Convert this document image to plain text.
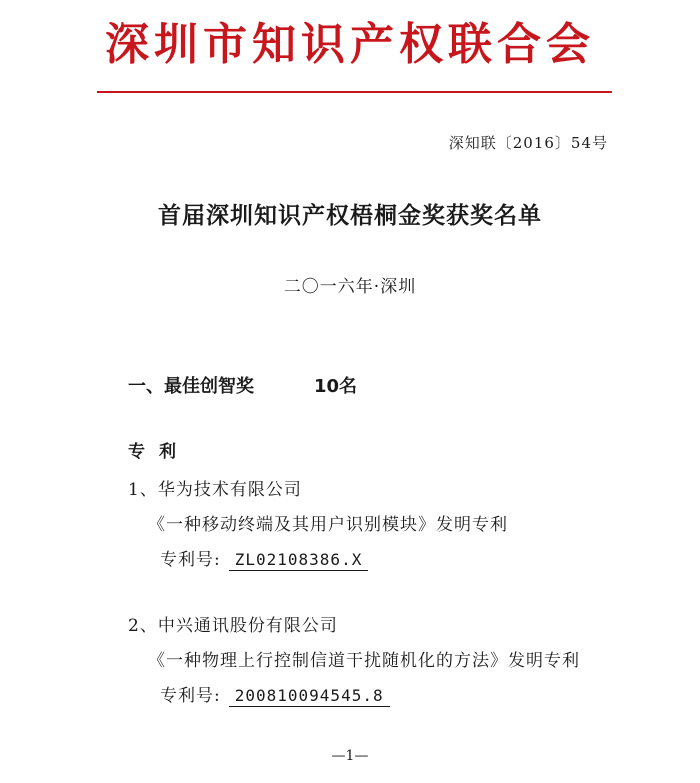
深圳市知识产权联合会
深知联〔2016〕54号
首届深圳知识产权梧桐金奖获奖名单
二〇一六年·深圳
一、最佳创智奖	10名
专利
1、华为技术有限公司
《一种移动终端及其用户识别模块》发明专利
专利号: ZL02108386.X
2、中兴通讯股份有限公司
《一种物理上行控制信道干扰随机化的方法》发明专利
专利号: 200810094545.8
—1—
